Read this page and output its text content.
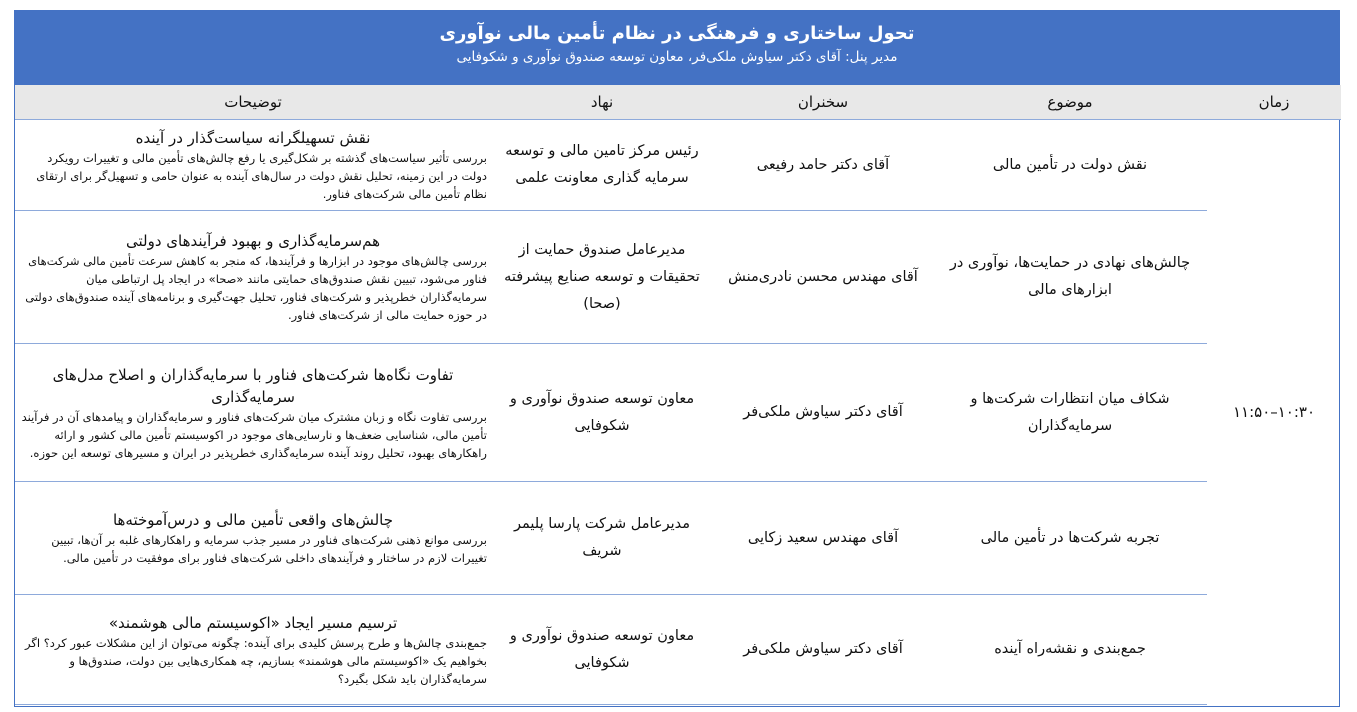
تحول ساختاری و فرهنگی در نظام تأمین مالی نوآوری
مدیر پنل: آقای دکتر سیاوش ملکی‌فر، معاون توسعه صندوق نوآوری و شکوفایی
زمان	موضوع	سخنران	نهاد	توضیحات
۱۰:۳۰–۱۱:۵۰	نقش دولت در تأمین مالی	آقای دکتر حامد رفیعی	رئیس مرکز تامین مالی و توسعه سرمایه گذاری معاونت علمی	نقش تسهیلگرانه سیاست‌گذار در آینده
بررسی تأثیر سیاست‌های گذشته بر شکل‌گیری یا رفع چالش‌های تأمین مالی و تغییرات رویکرد دولت در این زمینه، تحلیل نقش دولت در سال‌های آینده به عنوان حامی و تسهیل‌گر برای ارتقای نظام تأمین مالی شرکت‌های فناور.

	چالش‌های نهادی در حمایت‌ها، نوآوری در ابزارهای مالی	آقای مهندس محسن نادری‌منش	مدیرعامل صندوق حمایت از تحقیقات و توسعه صنایع پیشرفته (صحا)	هم‌سرمایه‌گذاری و بهبود فرآیندهای دولتی
بررسی چالش‌های موجود در ابزارها و فرآیندها، که منجر به کاهش سرعت تأمین مالی شرکت‌های فناور می‌شود، تبیین نقش صندوق‌های حمایتی مانند «صحا» در ایجاد پل ارتباطی میان سرمایه‌گذاران خطرپذیر و شرکت‌های فناور، تحلیل جهت‌گیری و برنامه‌های آینده صندوق‌های دولتی در حوزه حمایت مالی از شرکت‌های فناور.

	شکاف میان انتظارات شرکت‌ها و سرمایه‌گذاران	آقای دکتر سیاوش ملکی‌فر	معاون توسعه صندوق نوآوری و شکوفایی	تفاوت نگاه‌ها شرکت‌های فناور با سرمایه‌گذاران و اصلاح مدل‌های سرمایه‌گذاری
بررسی تفاوت نگاه و زبان مشترک میان شرکت‌های فناور و سرمایه‌گذاران و پیامدهای آن در فرآیند تأمین مالی، شناسایی ضعف‌ها و نارسایی‌های موجود در اکوسیستم تأمین مالی کشور و ارائه راهکارهای بهبود، تحلیل روند آینده سرمایه‌گذاری خطرپذیر در ایران و مسیرهای توسعه این حوزه.

	تجربه شرکت‌ها در تأمین مالی	آقای مهندس سعید زکایی	مدیرعامل شرکت پارسا پلیمر شریف	چالش‌های واقعی تأمین مالی و درس‌آموخته‌ها
بررسی موانع ذهنی شرکت‌های فناور در مسیر جذب سرمایه و راهکارهای غلبه بر آن‌ها، تبیین تغییرات لازم در ساختار و فرآیندهای داخلی شرکت‌های فناور برای موفقیت در تأمین مالی.

	جمع‌بندی و نقشه‌راه آینده	آقای دکتر سیاوش ملکی‌فر	معاون توسعه صندوق نوآوری و شکوفایی	ترسیم مسیر ایجاد «اکوسیستم مالی هوشمند»
جمع‌بندی چالش‌ها و طرح پرسش کلیدی برای آینده: چگونه می‌توان از این مشکلات عبور کرد؟ اگر بخواهیم یک «اکوسیستم مالی هوشمند» بسازیم، چه همکاری‌هایی بین دولت، صندوق‌ها و سرمایه‌گذاران باید شکل بگیرد؟
